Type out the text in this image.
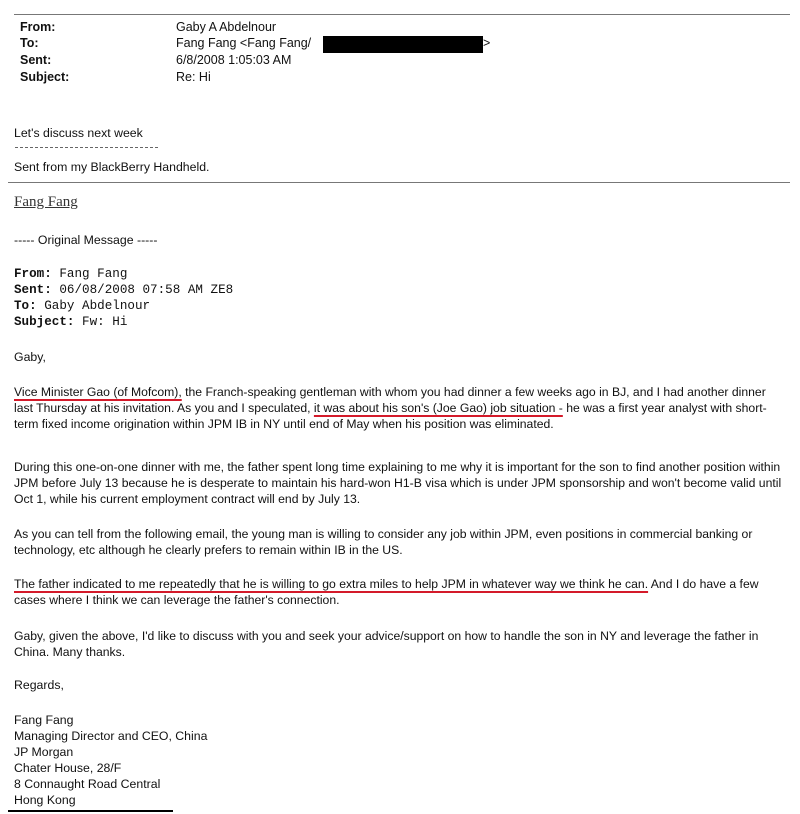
From:	Gaby A Abdelnour
To:	Fang Fang <Fang Fang/	>
Sent:	6/8/2008 1:05:03 AM
Subject:	Re: Hi
Let's discuss next week
Sent from my BlackBerry Handheld.
Fang Fang
----- Original Message -----
From: Fang Fang
Sent: 06/08/2008 07:58 AM ZE8
To: Gaby Abdelnour
Subject: Fw: Hi
Gaby,
Vice Minister Gao (of Mofcom), the Franch-speaking gentleman with whom you had dinner a few weeks ago in BJ, and I had another dinner last Thursday at his invitation. As you and I speculated, it was about his son's (Joe Gao) job situation - he was a first year analyst with short-term fixed income origination within JPM IB in NY until end of May when his position was eliminated.
During this one-on-one dinner with me, the father spent long time explaining to me why it is important for the son to find another position within JPM before July 13 because he is desperate to maintain his hard-won H1-B visa which is under JPM sponsorship and won't become valid until Oct 1, while his current employment contract will end by July 13.
As you can tell from the following email, the young man is willing to consider any job within JPM, even positions in commercial banking or technology, etc although he clearly prefers to remain within IB in the US.
The father indicated to me repeatedly that he is willing to go extra miles to help JPM in whatever way we think he can. And I do have a few cases where I think we can leverage the father's connection.
Gaby, given the above, I'd like to discuss with you and seek your advice/support on how to handle the son in NY and leverage the father in China. Many thanks.
Regards,
Fang Fang
Managing Director and CEO, China
JP Morgan
Chater House, 28/F
8 Connaught Road Central
Hong Kong
